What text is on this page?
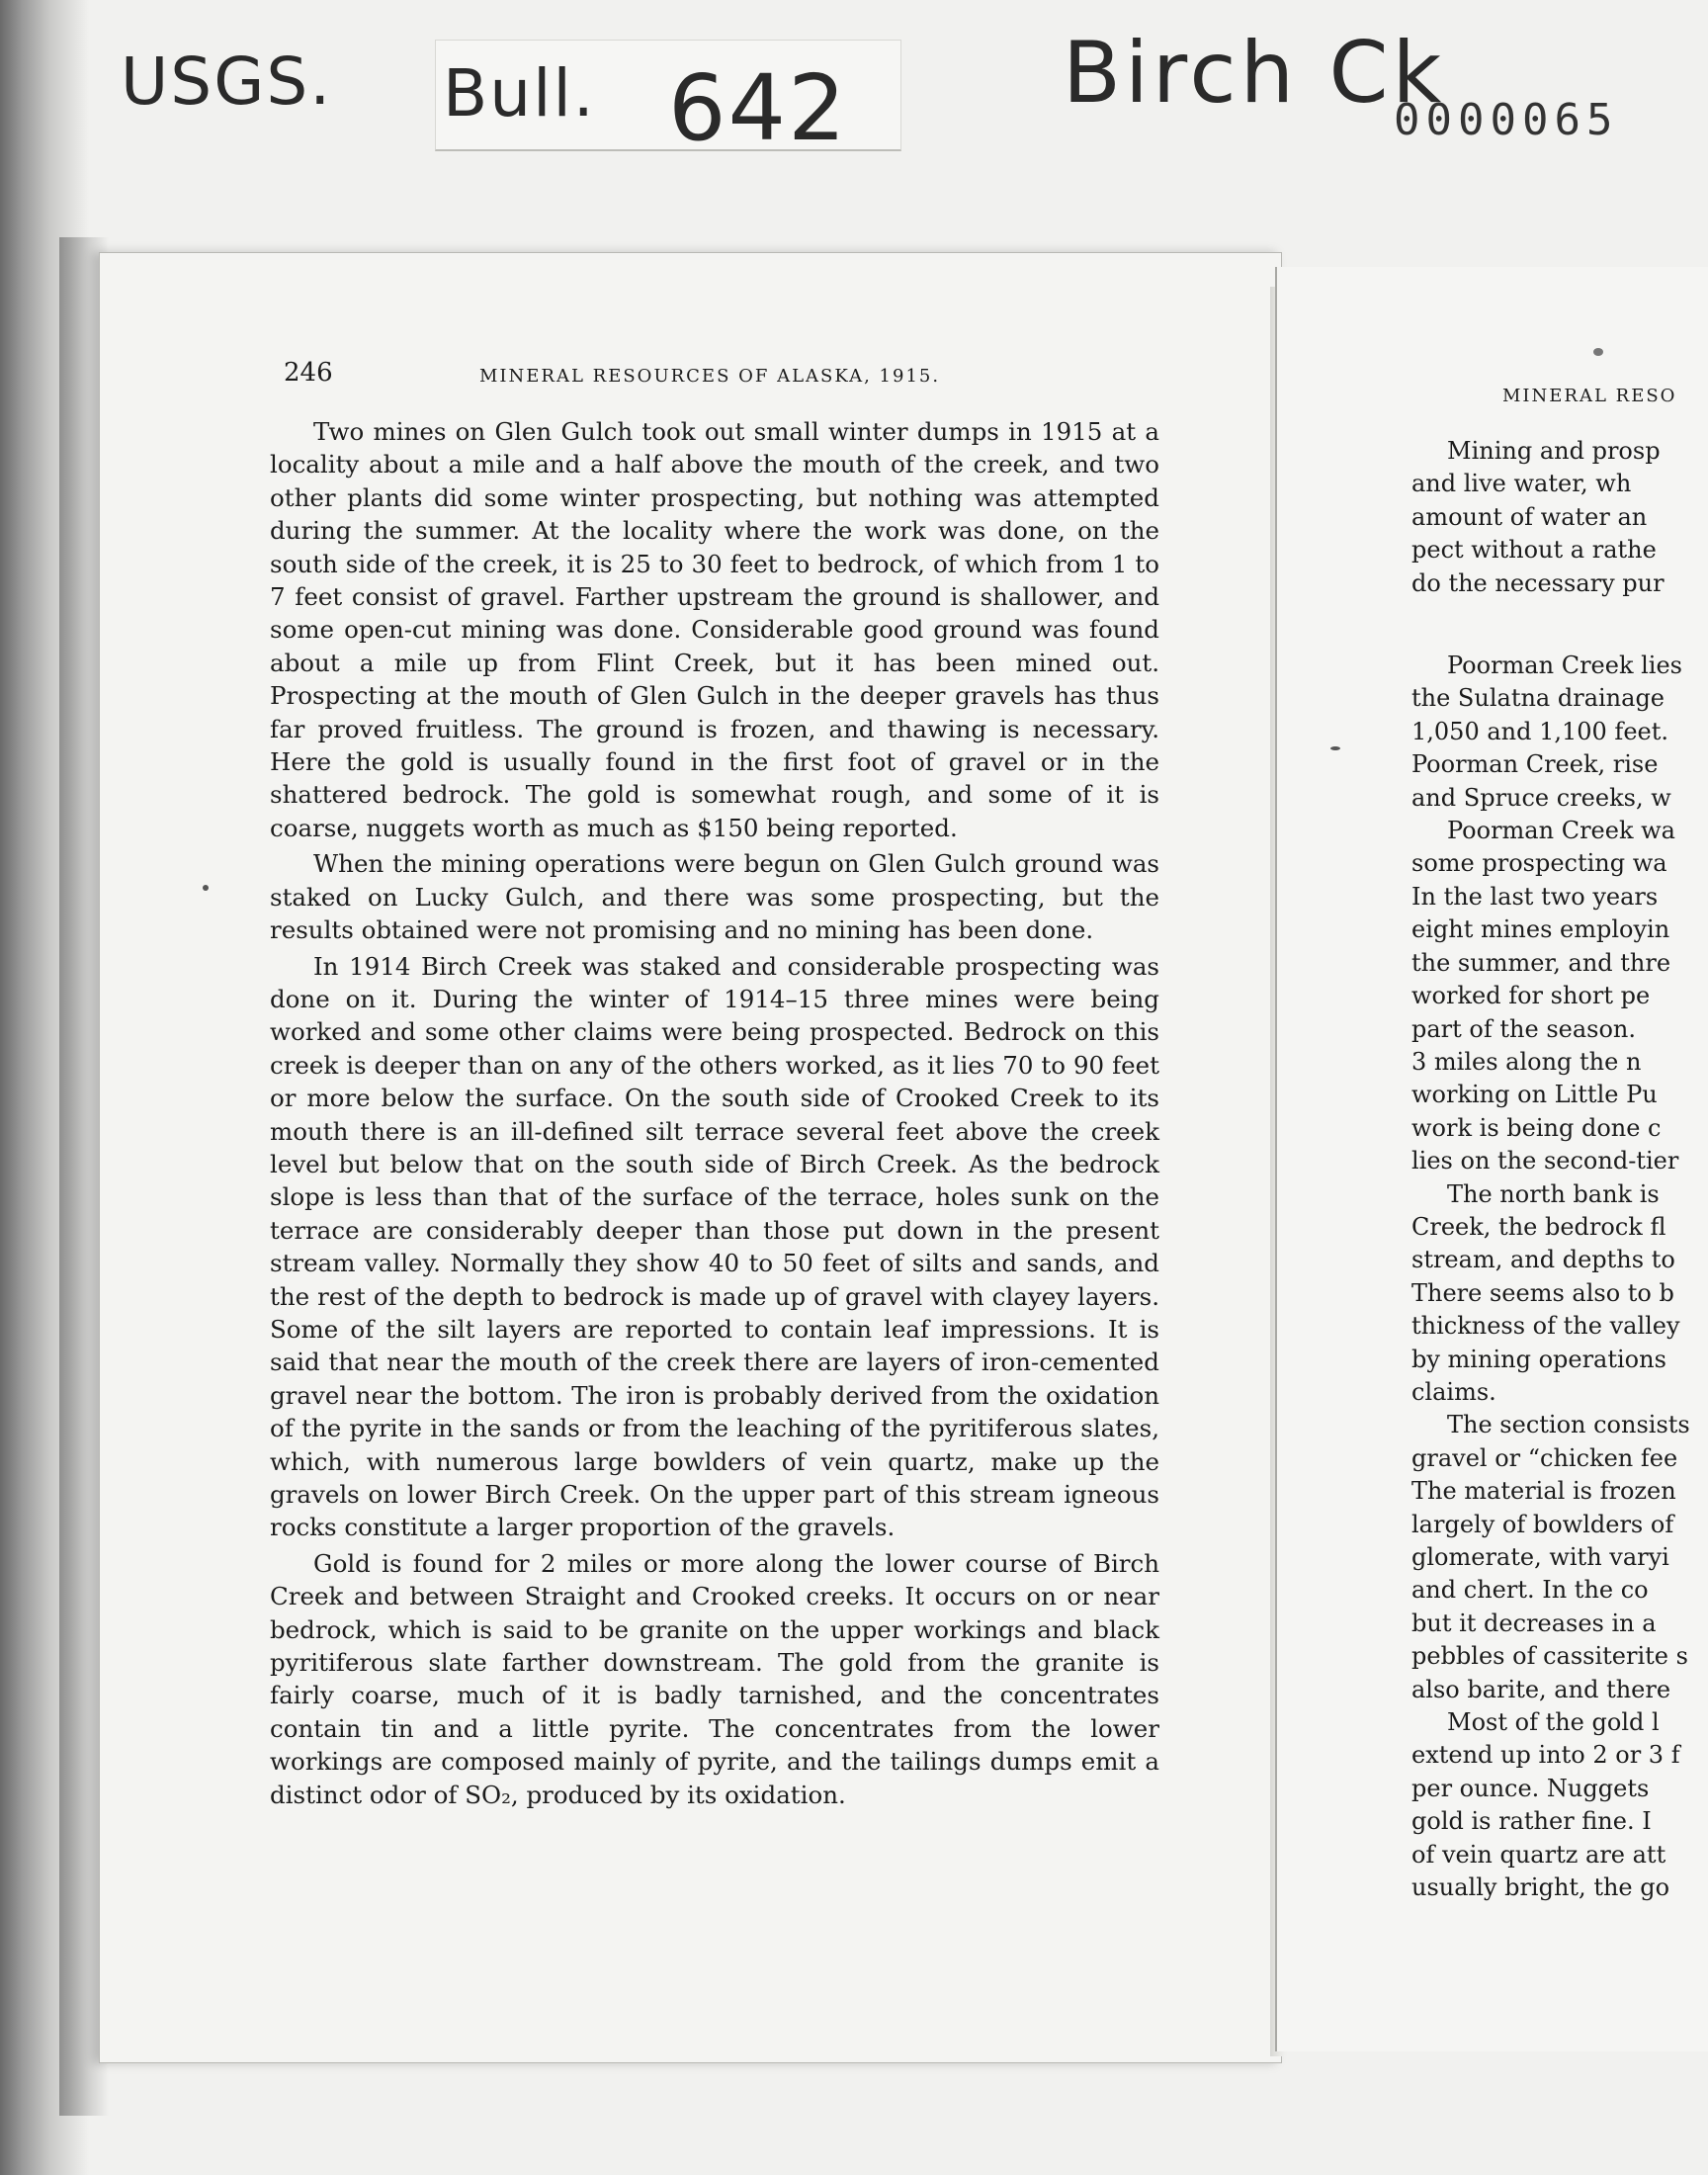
USGS. Bull. 642	Birch Ck
0000065
246	MINERAL RESOURCES OF ALASKA, 1915.
MINERAL RESO

Two mines on Glen Gulch took out small winter dumps in 1915 at a locality about a mile and a half above the mouth of the creek, and two other plants did some winter prospecting, but nothing was attempted during the summer. At the locality where the work was done, on the south side of the creek, it is 25 to 30 feet to bedrock, of which from 1 to 7 feet consist of gravel. Farther upstream the ground is shallower, and some open-cut mining was done. Considerable good ground was found about a mile up from Flint Creek, but it has been mined out. Prospecting at the mouth of Glen Gulch in the deeper gravels has thus far proved fruitless. The ground is frozen, and thawing is necessary. Here the gold is usually found in the first foot of gravel or in the shattered bedrock. The gold is somewhat rough, and some of it is coarse, nuggets worth as much as $150 being reported.

When the mining operations were begun on Glen Gulch ground was staked on Lucky Gulch, and there was some prospecting, but the results obtained were not promising and no mining has been done.

In 1914 Birch Creek was staked and considerable prospecting was done on it. During the winter of 1914–15 three mines were being worked and some other claims were being prospected. Bedrock on this creek is deeper than on any of the others worked, as it lies 70 to 90 feet or more below the surface. On the south side of Crooked Creek to its mouth there is an ill-defined silt terrace several feet above the creek level but below that on the south side of Birch Creek. As the bedrock slope is less than that of the surface of the terrace, holes sunk on the terrace are considerably deeper than those put down in the present stream valley. Normally they show 40 to 50 feet of silts and sands, and the rest of the depth to bedrock is made up of gravel with clayey layers. Some of the silt layers are reported to contain leaf impressions. It is said that near the mouth of the creek there are layers of iron-cemented gravel near the bottom. The iron is probably derived from the oxidation of the pyrite in the sands or from the leaching of the pyritiferous slates, which, with numerous large bowlders of vein quartz, make up the gravels on lower Birch Creek. On the upper part of this stream igneous rocks constitute a larger proportion of the gravels.

Gold is found for 2 miles or more along the lower course of Birch Creek and between Straight and Crooked creeks. It occurs on or near bedrock, which is said to be granite on the upper workings and black pyritiferous slate farther downstream. The gold from the granite is fairly coarse, much of it is badly tarnished, and the concentrates contain tin and a little pyrite. The concentrates from the lower workings are composed mainly of pyrite, and the tailings dumps emit a distinct odor of SO₂, produced by its oxidation.

Mining and prosp
and live water, wh
amount of water an
pect without a rathe
do the necessary pur
Poorman Creek lies
the Sulatna drainage
1,050 and 1,100 feet.
Poorman Creek, rise
and Spruce creeks, w
Poorman Creek wa
some prospecting wa
In the last two years
eight mines employin
the summer, and thre
worked for short pe
part of the season.
3 miles along the n
working on Little Pu
work is being done c
lies on the second-tier
The north bank is
Creek, the bedrock fl
stream, and depths to
There seems also to b
thickness of the valley
by mining operations
claims.
The section consists
gravel or “chicken fee
The material is frozen
largely of bowlders of
glomerate, with varyi
and chert. In the co
but it decreases in a
pebbles of cassiterite s
also barite, and there
Most of the gold l
extend up into 2 or 3 f
per ounce. Nuggets
gold is rather fine. I
of vein quartz are att
usually bright, the go
